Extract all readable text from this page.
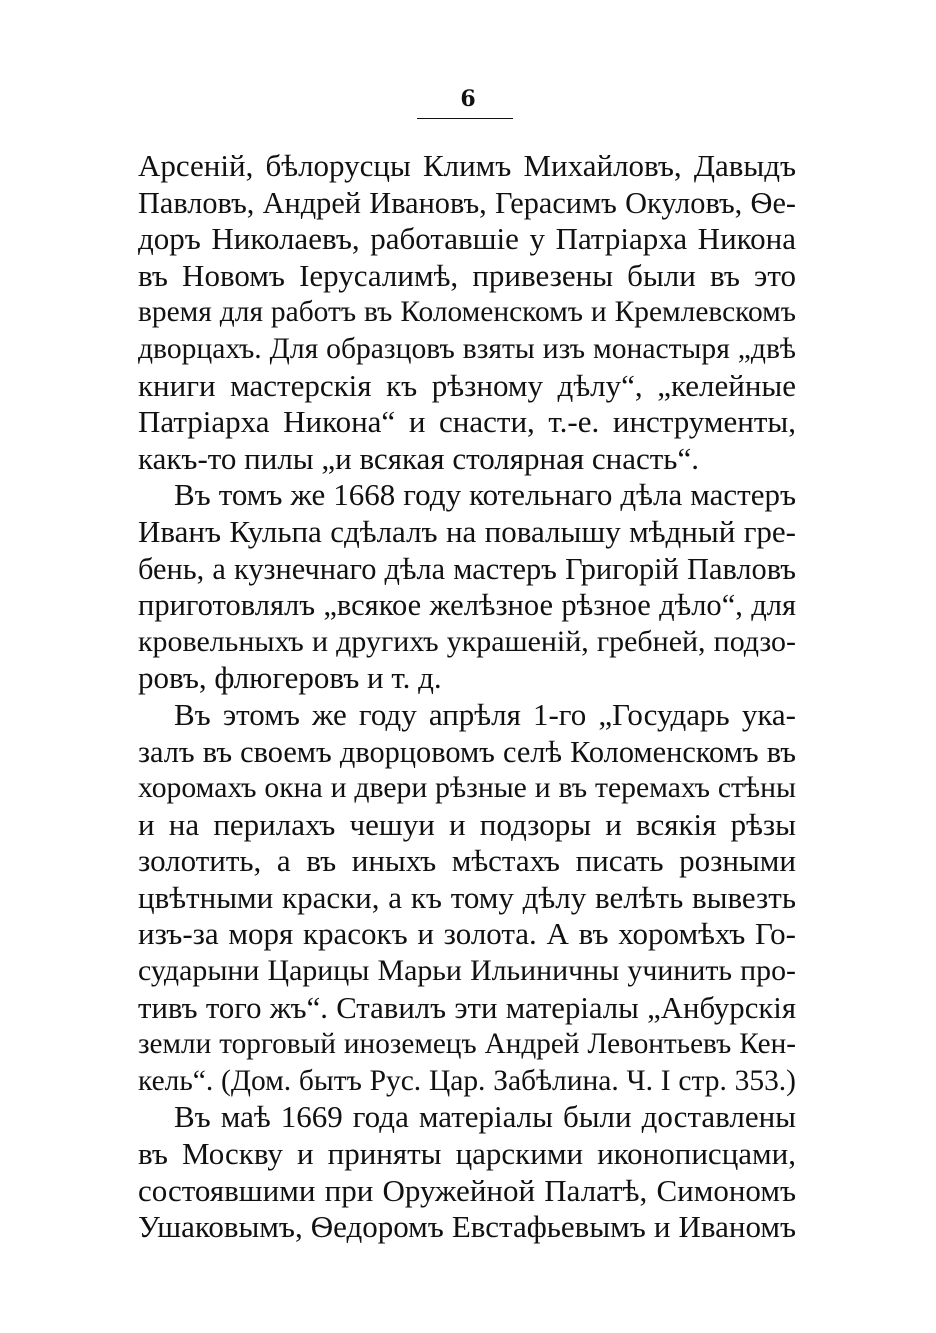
6
Арсеній, бѣлорусцы Климъ Михайловъ, Давыдъ
Павловъ, Андрей Ивановъ, Герасимъ Окуловъ, Ѳе-
доръ Николаевъ, работавшіе у Патріарха Никона
въ Новомъ Іерусалимѣ, привезены были въ это
время для работъ въ Коломенскомъ и Кремлевскомъ
дворцахъ. Для образцовъ взяты изъ монастыря „двѣ
книги мастерскія къ рѣзному дѣлу“, „келейные
Патріарха Никона“ и снасти, т.-е. инструменты,
какъ-то пилы „и всякая столярная снасть“.
Въ томъ же 1668 году котельнаго дѣла мастеръ
Иванъ Кульпа сдѣлалъ на повалышу мѣдный гре-
бень, а кузнечнаго дѣла мастеръ Григорій Павловъ
приготовлялъ „всякое желѣзное рѣзное дѣло“, для
кровельныхъ и другихъ украшеній, гребней, подзо-
ровъ, флюгеровъ и т. д.
Въ этомъ же году апрѣля 1-го „Государь ука-
залъ въ своемъ дворцовомъ селѣ Коломенскомъ въ
хоромахъ окна и двери рѣзные и въ теремахъ стѣны
и на перилахъ чешуи и подзоры и всякія рѣзы
золотить, а въ иныхъ мѣстахъ писать розными
цвѣтными краски, а къ тому дѣлу велѣть вывезть
изъ-за моря красокъ и золота. А въ хоромѣхъ Го-
сударыни Царицы Марьи Ильиничны учинить про-
тивъ того жъ“. Ставилъ эти матеріалы „Анбурскія
земли торговый иноземецъ Андрей Левонтьевъ Кен-
кель“. (Дом. бытъ Рус. Цар. Забѣлина. Ч. I стр. 353.)
Въ маѣ 1669 года матеріалы были доставлены
въ Москву и приняты царскими иконописцами,
состоявшими при Оружейной Палатѣ, Симономъ
Ушаковымъ, Ѳедоромъ Евстафьевымъ и Иваномъ
